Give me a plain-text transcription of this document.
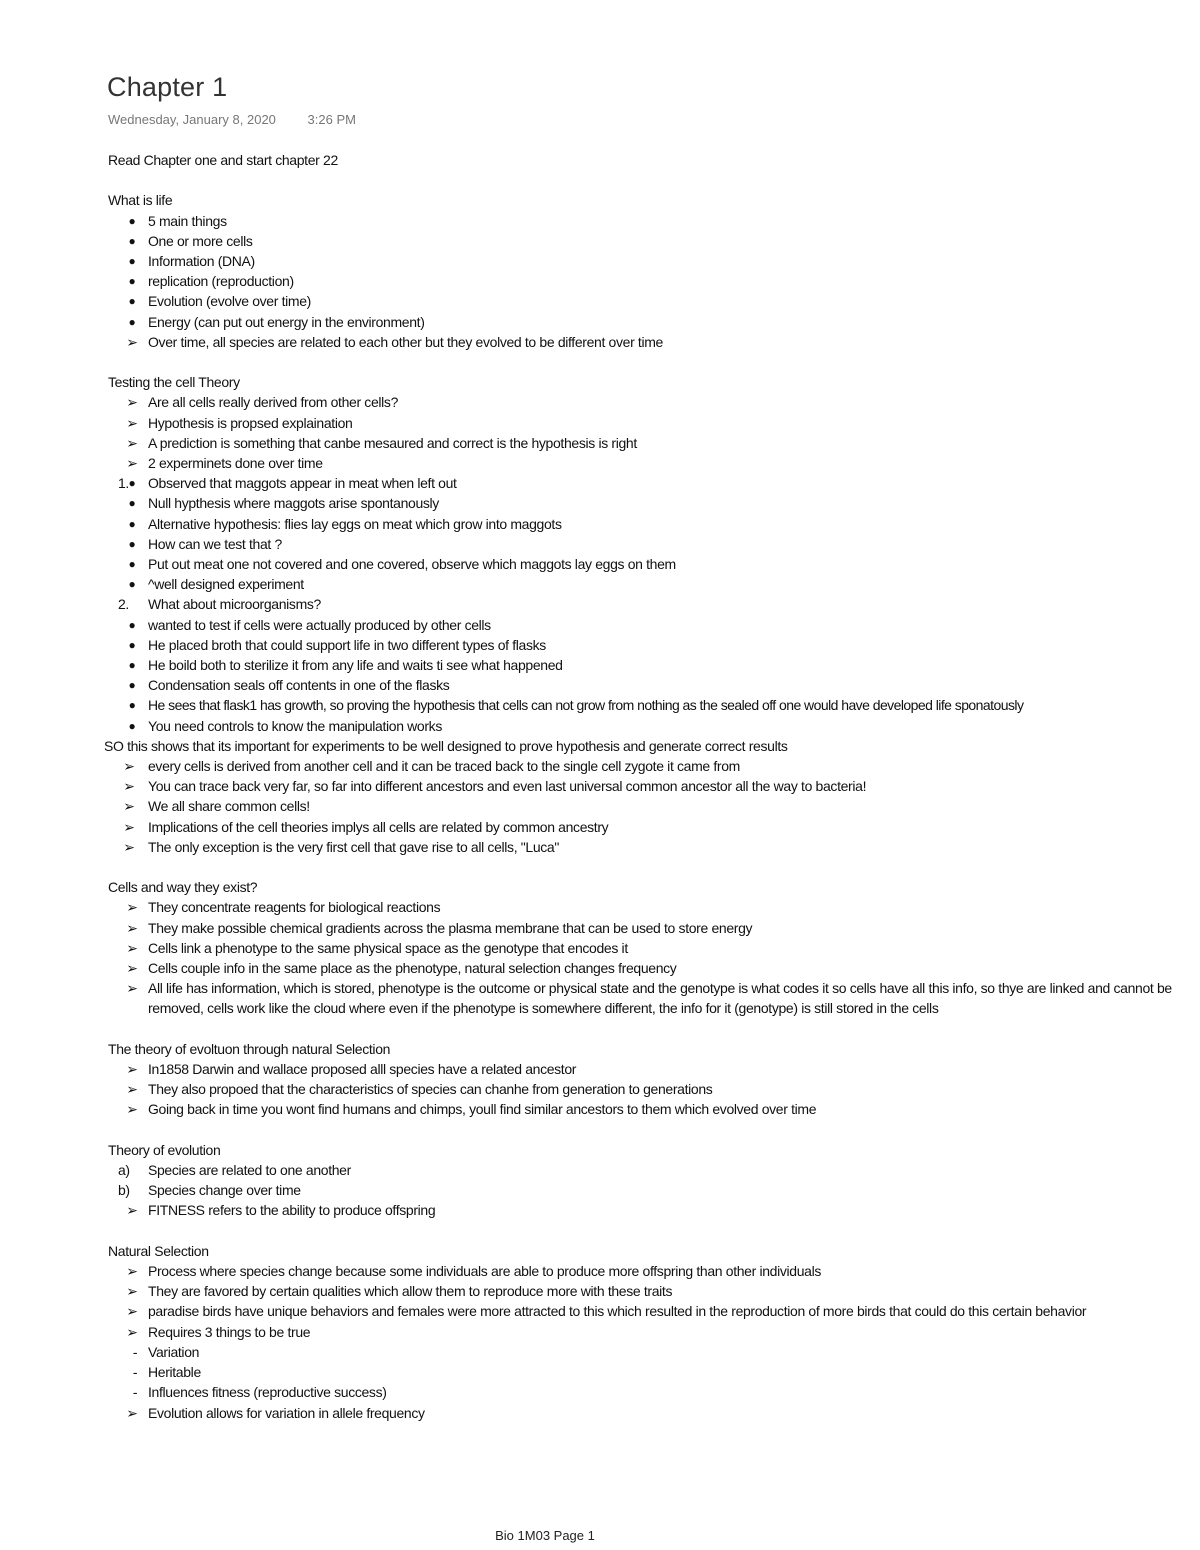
Chapter 1
Wednesday, January 8, 2020 3:26 PM
Read Chapter one and start chapter 22
What is life
● 5 main things
● One or more cells
● Information (DNA)
● replication (reproduction)
● Evolution (evolve over time)
● Energy (can put out energy in the environment)
➢ Over time, all species are related to each other but they evolved to be different over time
Testing the cell Theory
➢ Are all cells really derived from other cells?
➢ Hypothesis is propsed explaination
➢ A prediction is something that canbe mesaured and correct is the hypothesis is right
➢ 2 experminets done over time
1. ● Observed that maggots appear in meat when left out
● Null hypthesis where maggots arise spontanously
● Alternative hypothesis: flies lay eggs on meat which grow into maggots
● How can we test that ?
● Put out meat one not covered and one covered, observe which maggots lay eggs on them
● ^well designed experiment
2.	What about microorganisms?
● wanted to test if cells were actually produced by other cells
● He placed broth that could support life in two different types of flasks
● He boild both to sterilize it from any life and waits ti see what happened
● Condensation seals off contents in one of the flasks
● He sees that flask1 has growth, so proving the hypothesis that cells can not grow from nothing as the sealed off one would have developed life sponatously
● You need controls to know the manipulation works
SO this shows that its important for experiments to be well designed to prove hypothesis and generate correct results
➢ every cells is derived from another cell and it can be traced back to the single cell zygote it came from
➢ You can trace back very far, so far into different ancestors and even last universal common ancestor all the way to bacteria!
➢ We all share common cells!
➢ Implications of the cell theories implys all cells are related by common ancestry
➢ The only exception is the very first cell that gave rise to all cells, "Luca"
Cells and way they exist?
➢ They concentrate reagents for biological reactions
➢ They make possible chemical gradients across the plasma membrane that can be used to store energy
➢ Cells link a phenotype to the same physical space as the genotype that encodes it
➢ Cells couple info in the same place as the phenotype, natural selection changes frequency
➢ All life has information, which is stored, phenotype is the outcome or physical state and the genotype is what codes it so cells have all this info, so thye are linked and cannot be removed, cells work like the cloud where even if the phenotype is somewhere different, the info for it (genotype) is still stored in the cells
The theory of evoltuon through natural Selection
➢ In1858 Darwin and wallace proposed alll species have a related ancestor
➢ They also propoed that the characteristics of species can chanhe from generation to generations
➢ Going back in time you wont find humans and chimps, youll find similar ancestors to them which evolved over time
Theory of evolution
a)	Species are related to one another
b)	Species change over time
➢ FITNESS refers to the ability to produce offspring
Natural Selection
➢ Process where species change because some individuals are able to produce more offspring than other individuals
➢ They are favored by certain qualities which allow them to reproduce more with these traits
➢ paradise birds have unique behaviors and females were more attracted to this which resulted in the reproduction of more birds that could do this certain behavior
➢ Requires 3 things to be true
- Variation
- Heritable
- Influences fitness (reproductive success)
➢ Evolution allows for variation in allele frequency
Bio 1M03 Page 1
